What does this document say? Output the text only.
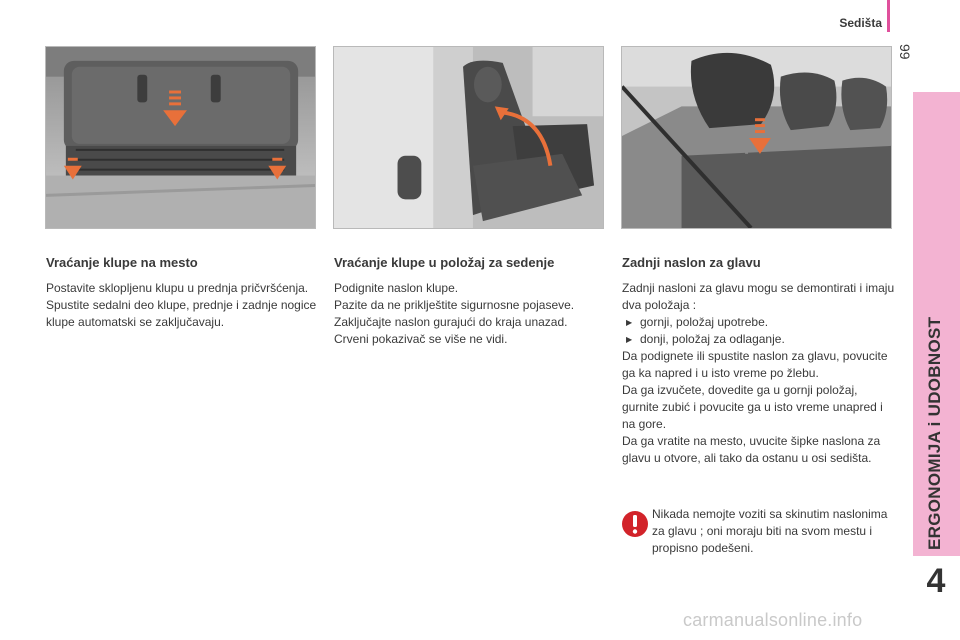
Sedišta
99
ERGONOMIJA i UDOBNOST
4
Vraćanje klupe na mesto

Postavite sklopljenu klupu u prednja pričvršćenja.

Spustite sedalni deo klupe, prednje i zadnje nogice klupe automatski se zaključavaju.

Vraćanje klupe u položaj za sedenje

Podignite naslon klupe.

Pazite da ne priklještite sigurnosne pojaseve.

Zaključajte naslon gurajući do kraja unazad.

Crveni pokazivač se više ne vidi.

Zadnji naslon za glavu

Zadnji nasloni za glavu mogu se demontirati i imaju dva položaja :

▶ gornji, položaj upotrebe.
▶ donji, položaj za odlaganje.

Da podignete ili spustite naslon za glavu, povucite ga ka napred i u isto vreme po žlebu.

Da ga izvučete, dovedite ga u gornji položaj, gurnite zubić i povucite ga u isto vreme unapred i na gore.

Da ga vratite na mesto, uvucite šipke naslona za glavu u otvore, ali tako da ostanu u osi sedišta.

Nikada nemojte voziti sa skinutim naslonima za glavu ; oni moraju biti na svom mestu i propisno podešeni.
carmanualsonline.info
